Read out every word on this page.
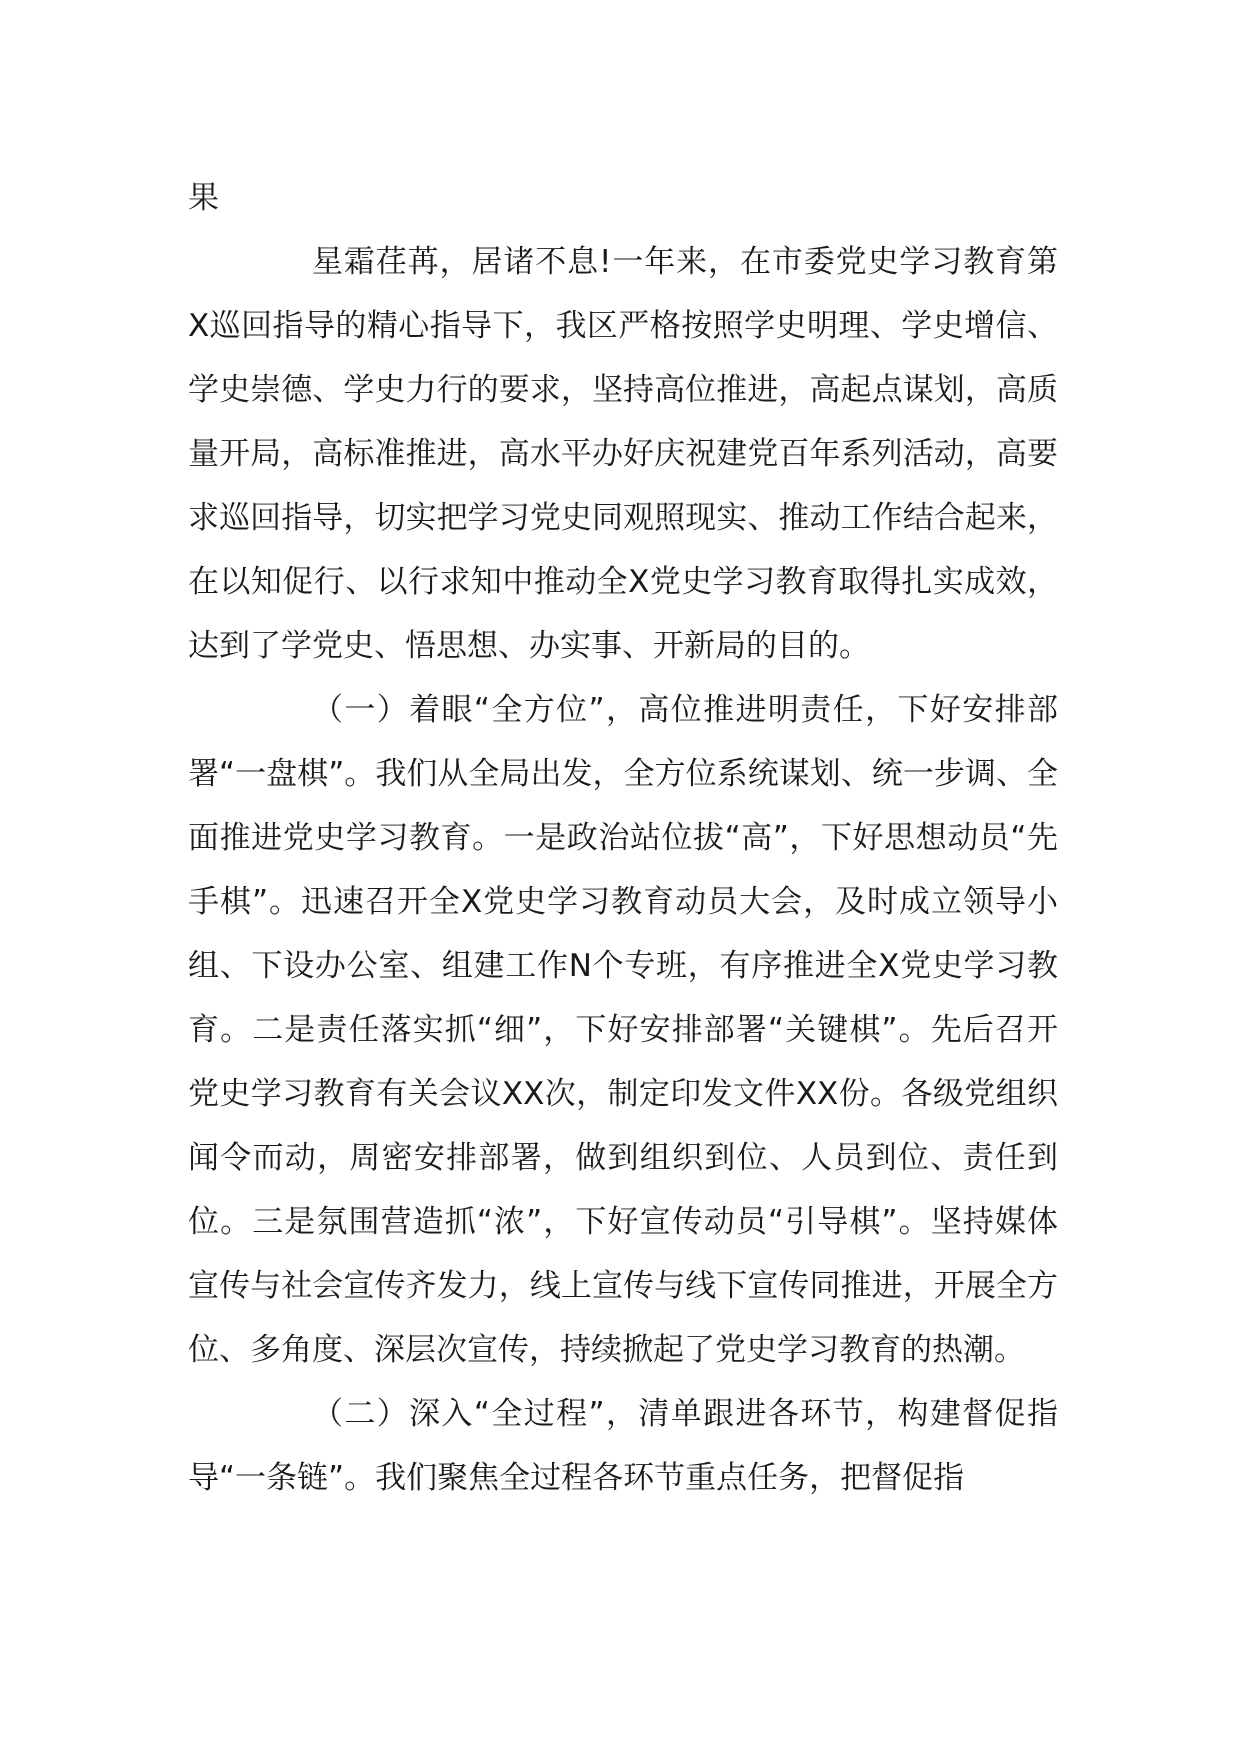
果

星霜荏苒，居诸不息!一年来，在市委党史学习教育第X巡回指导的精心指导下，我区严格按照学史明理、学史增信、学史崇德、学史力行的要求，坚持高位推进，高起点谋划，高质量开局，高标准推进，高水平办好庆祝建党百年系列活动，高要求巡回指导，切实把学习党史同观照现实、推动工作结合起来，在以知促行、以行求知中推动全X党史学习教育取得扎实成效，达到了学党史、悟思想、办实事、开新局的目的。

（一）着眼“全方位”，高位推进明责任，下好安排部署“一盘棋”。我们从全局出发，全方位系统谋划、统一步调、全面推进党史学习教育。一是政治站位拔“高”，下好思想动员“先手棋”。迅速召开全X党史学习教育动员大会，及时成立领导小组、下设办公室、组建工作N个专班，有序推进全X党史学习教育。二是责任落实抓“细”，下好安排部署“关键棋”。先后召开党史学习教育有关会议XX次，制定印发文件XX份。各级党组织闻令而动，周密安排部署，做到组织到位、人员到位、责任到位。三是氛围营造抓“浓”，下好宣传动员“引导棋”。坚持媒体宣传与社会宣传齐发力，线上宣传与线下宣传同推进，开展全方位、多角度、深层次宣传，持续掀起了党史学习教育的热潮。

（二）深入“全过程”，清单跟进各环节，构建督促指导“一条链”。我们聚焦全过程各环节重点任务，把督促指
